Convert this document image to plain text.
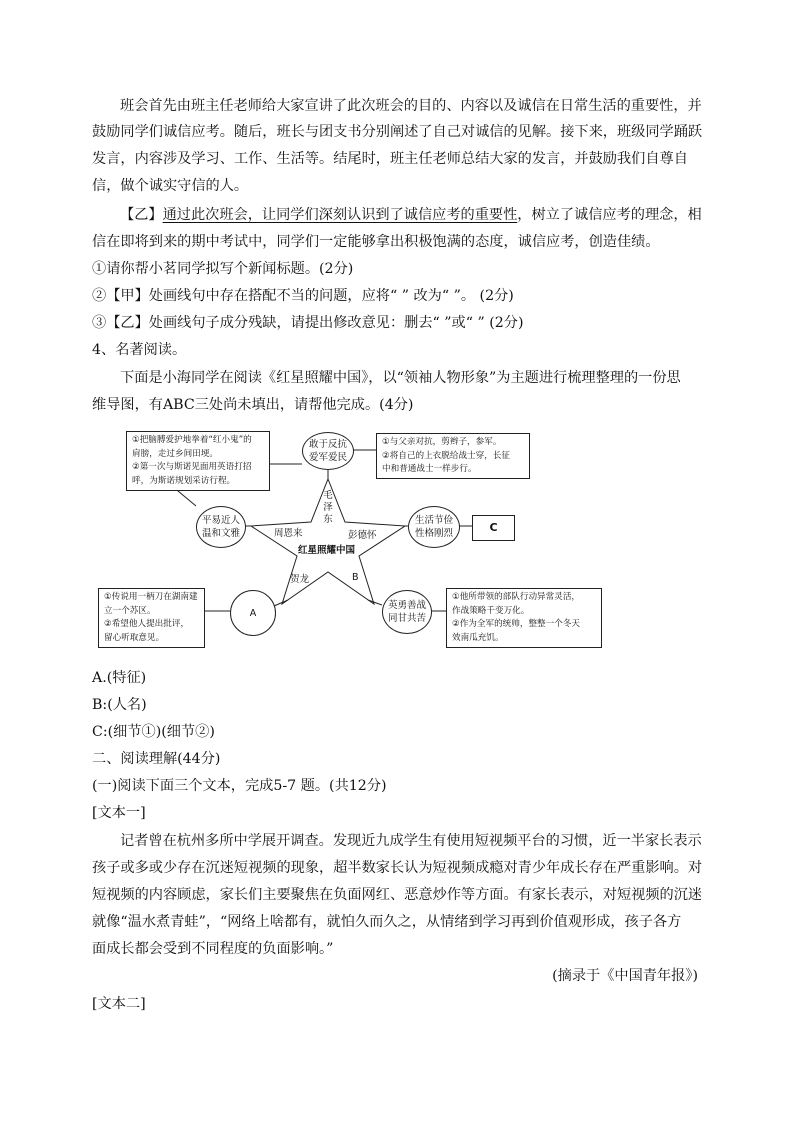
班会首先由班主任老师给大家宣讲了此次班会的目的、内容以及诚信在日常生活的重要性，并
鼓励同学们诚信应考。随后，班长与团支书分别阐述了自己对诚信的见解。接下来，班级同学踊跃
发言，内容涉及学习、工作、生活等。结尾时，班主任老师总结大家的发言，并鼓励我们自尊自
信，做个诚实守信的人。
【乙】通过此次班会，让同学们深刻认识到了诚信应考的重要性，树立了诚信应考的理念，相
信在即将到来的期中考试中，同学们一定能够拿出积极饱满的态度，诚信应考，创造佳绩。
①请你帮小茗同学拟写个新闻标题。(2分)
②【甲】处画线句中存在搭配不当的问题，应将“ ” 改为“ ”。 (2分)
③【乙】处画线句子成分残缺，请提出修改意见：删去“ ”或“ ” (2分)
4、名著阅读。
下面是小海同学在阅读《红星照耀中国》，以“领袖人物形象”为主题进行梳理整理的一份思
维导图，有ABC三处尚未填出，请帮他完成。(4分)
①把脑膊爱护地拳着“红小鬼”的
肩膀，走过乡间田埂。
②第一次与斯诺见面用英语打招
呼，为斯诺规划采访行程。
①与父亲对抗，剪辫子，参军。
②将自己的上衣脱给战士穿，长征
中和普通战士一样步行。
C
①传说用一柄刀在湖南建
立一个苏区。
②希望他人提出批评，
留心听取意见。
①他所带领的部队行动异常灵活，
作战策略千变万化。
②作为全军的统帅，整整一个冬天
效南瓜充饥。
敢于反抗
爱军爱民
平易近人
温和文雅
生活节俭
性格刚烈
A
英勇善战
同甘共苦
毛泽东
周恩来	彭德怀
红星照耀中国
贺龙	B
A.(特征)
B:(人名)
C:(细节①)(细节②)
二、阅读理解(44分)
(一)阅读下面三个文本，完成5-7 题。(共12分)
[文本一]
记者曾在杭州多所中学展开调查。发现近九成学生有使用短视频平台的习惯，近一半家长表示
孩子或多或少存在沉迷短视频的现象，超半数家长认为短视频成瘾对青少年成长存在严重影响。对
短视频的内容顾虑，家长们主要聚焦在负面网红、恶意炒作等方面。有家长表示，对短视频的沉迷
就像“温水煮青蛙”，“网络上啥都有，就怕久而久之，从情绪到学习再到价值观形成，孩子各方
面成长都会受到不同程度的负面影响。”
(摘录于《中国青年报》)
[文本二]
